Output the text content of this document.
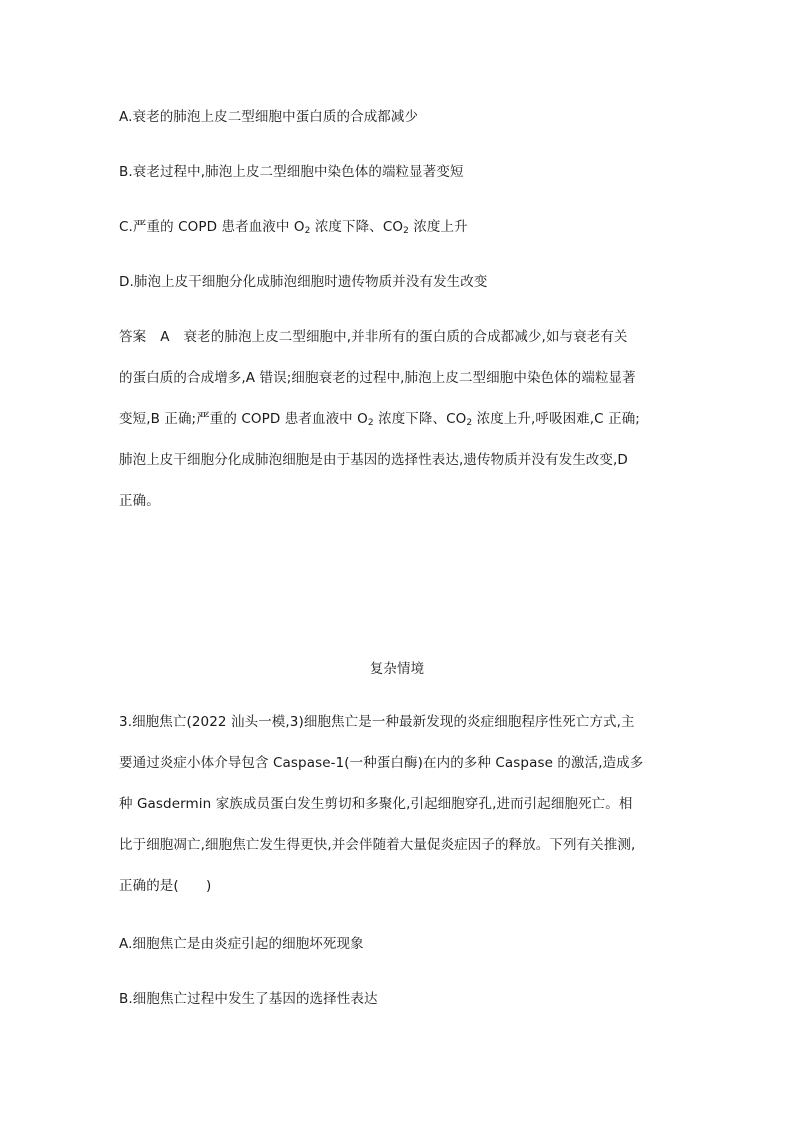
A.衰老的肺泡上皮二型细胞中蛋白质的合成都减少
B.衰老过程中,肺泡上皮二型细胞中染色体的端粒显著变短
C.严重的 COPD 患者血液中 $O_2$ 浓度下降、$CO_2$ 浓度上升
D.肺泡上皮干细胞分化成肺泡细胞时遗传物质并没有发生改变
答案 A 衰老的肺泡上皮二型细胞中,并非所有的蛋白质的合成都减少,如与衰老有关
的蛋白质的合成增多,A 错误;细胞衰老的过程中,肺泡上皮二型细胞中染色体的端粒显著
变短,B 正确;严重的 COPD 患者血液中 $O_2$ 浓度下降、$CO_2$ 浓度上升,呼吸困难,C 正确;
肺泡上皮干细胞分化成肺泡细胞是由于基因的选择性表达,遗传物质并没有发生改变,D
正确。
复杂情境
3.细胞焦亡(2022 汕头一模,3)细胞焦亡是一种最新发现的炎症细胞程序性死亡方式,主
要通过炎症小体介导包含 Caspase-1(一种蛋白酶)在内的多种 Caspase 的激活,造成多
种 Gasdermin 家族成员蛋白发生剪切和多聚化,引起细胞穿孔,进而引起细胞死亡。相
比于细胞凋亡,细胞焦亡发生得更快,并会伴随着大量促炎症因子的释放。下列有关推测,
正确的是(　　)
A.细胞焦亡是由炎症引起的细胞坏死现象
B.细胞焦亡过程中发生了基因的选择性表达
